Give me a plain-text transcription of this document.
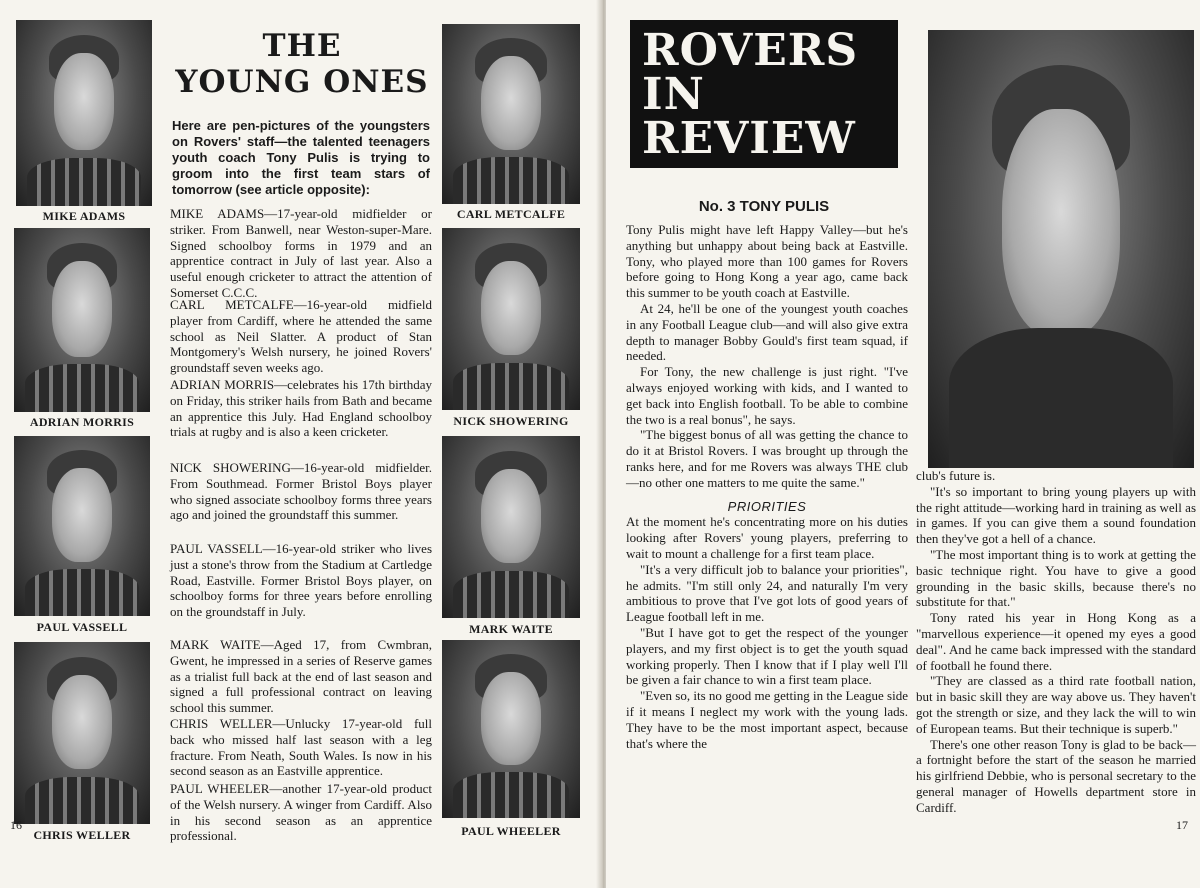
MIKE ADAMS
ADRIAN MORRIS
PAUL VASSELL
CHRIS WELLER
THE
YOUNG ONES
Here are pen-pictures of the youngsters on Rovers' staff—the talented teenagers youth coach Tony Pulis is trying to groom into the first team stars of tomorrow (see article opposite):
MIKE ADAMS—17-year-old midfielder or striker. From Banwell, near Weston-super-Mare. Signed schoolboy forms in 1979 and an apprentice contract in July of last year. Also a useful enough cricketer to attract the attention of Somerset C.C.C.
CARL METCALFE—16-year-old midfield player from Cardiff, where he attended the same school as Neil Slatter. A product of Stan Montgomery's Welsh nursery, he joined Rovers' groundstaff seven weeks ago.
ADRIAN MORRIS—celebrates his 17th birthday on Friday, this striker hails from Bath and became an apprentice this July. Had England schoolboy trials at rugby and is also a keen cricketer.
NICK SHOWERING—16-year-old midfielder. From Southmead. Former Bristol Boys player who signed associate schoolboy forms three years ago and joined the groundstaff this summer.
PAUL VASSELL—16-year-old striker who lives just a stone's throw from the Stadium at Cartledge Road, Eastville. Former Bristol Boys player, on schoolboy forms for three years before enrolling on the groundstaff in July.
MARK WAITE—Aged 17, from Cwmbran, Gwent, he impressed in a series of Reserve games as a trialist full back at the end of last season and signed a full professional contract on leaving school this summer.
CHRIS WELLER—Unlucky 17-year-old full back who missed half last season with a leg fracture. From Neath, South Wales. Is now in his second season as an Eastville apprentice.
PAUL WHEELER—another 17-year-old product of the Welsh nursery. A winger from Cardiff. Also in his second season as an apprentice professional.
CARL METCALFE
NICK SHOWERING
MARK WAITE
PAUL WHEELER
16
ROVERS
IN
REVIEW
No. 3 TONY PULIS

Tony Pulis might have left Happy Valley—but he's anything but unhappy about being back at Eastville. Tony, who played more than 100 games for Rovers before going to Hong Kong a year ago, came back this summer to be youth coach at Eastville.

At 24, he'll be one of the youngest youth coaches in any Football League club—and will also give extra depth to manager Bobby Gould's first team squad, if needed.

For Tony, the new challenge is just right. "I've always enjoyed working with kids, and I wanted to get back into English football. To be able to combine the two is a real bonus", he says.

"The biggest bonus of all was getting the chance to do it at Bristol Rovers. I was brought up through the ranks here, and for me Rovers was always THE club—no other one matters to me quite the same."

PRIORITIES

At the moment he's concentrating more on his duties looking after Rovers' young players, preferring to wait to mount a challenge for a first team place.

"It's a very difficult job to balance your priorities", he admits. "I'm still only 24, and naturally I'm very ambitious to prove that I've got lots of good years of League football left in me.

"But I have got to get the respect of the younger players, and my first object is to get the youth squad working properly. Then I know that if I play well I'll be given a fair chance to win a first team place.

"Even so, its no good me getting in the League side if it means I neglect my work with the young lads. They have to be the most important aspect, because that's where the

club's future is.

"It's so important to bring young players up with the right attitude—working hard in training as well as in games. If you can give them a sound foundation then they've got a hell of a chance.

"The most important thing is to work at getting the basic technique right. You have to give a good grounding in the basic skills, because there's no substitute for that."

Tony rated his year in Hong Kong as a "marvellous experience—it opened my eyes a good deal". And he came back impressed with the standard of football he found there.

"They are classed as a third rate football nation, but in basic skill they are way above us. They haven't got the strength or size, and they lack the will to win of European teams. But their technique is superb."

There's one other reason Tony is glad to be back—a fortnight before the start of the season he married his girlfriend Debbie, who is personal secretary to the general manager of Howells department store in Cardiff.

17
